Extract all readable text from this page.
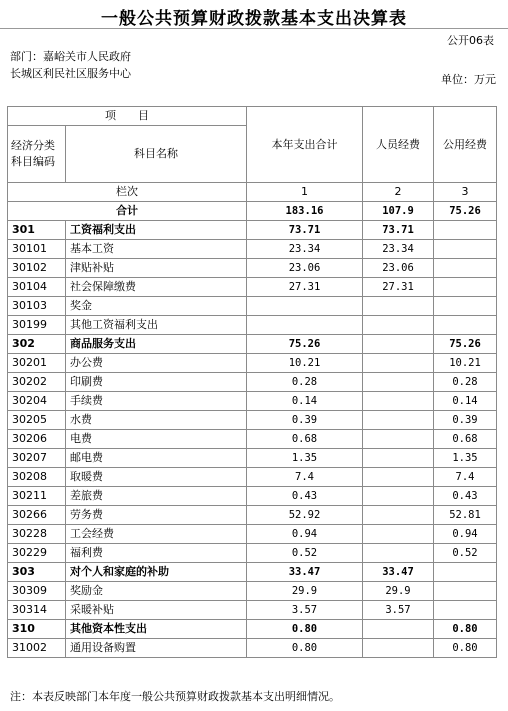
一般公共预算财政拨款基本支出决算表
公开06表
部门：嘉峪关市人民政府长城区利民社区服务中心	单位：万元
项　　目		本年支出合计	人员经费	公用经费
经济分类科目编码	科目名称			

栏次		1	2	3
合计		183.16	107.9	75.26
301	工资福利支出	73.71	73.71	
30101	基本工资	23.34	23.34	
30102	津贴补贴	23.06	23.06	
30104	社会保障缴费	27.31	27.31	
30103	奖金			
30199	其他工资福利支出			
302	商品服务支出	75.26		75.26
30201	办公费	10.21		10.21
30202	印刷费	0.28		0.28
30204	手续费	0.14		0.14
30205	水费	0.39		0.39
30206	电费	0.68		0.68
30207	邮电费	1.35		1.35
30208	取暖费	7.4		7.4
30211	差旅费	0.43		0.43
30266	劳务费	52.92		52.81
30228	工会经费	0.94		0.94
30229	福利费	0.52		0.52
303	对个人和家庭的补助	33.47	33.47	
30309	奖励金	29.9	29.9	
30314	采暖补贴	3.57	3.57	
310	其他资本性支出	0.80		0.80
31002	通用设备购置	0.80		0.80
注：本表反映部门本年度一般公共预算财政拨款基本支出明细情况。
